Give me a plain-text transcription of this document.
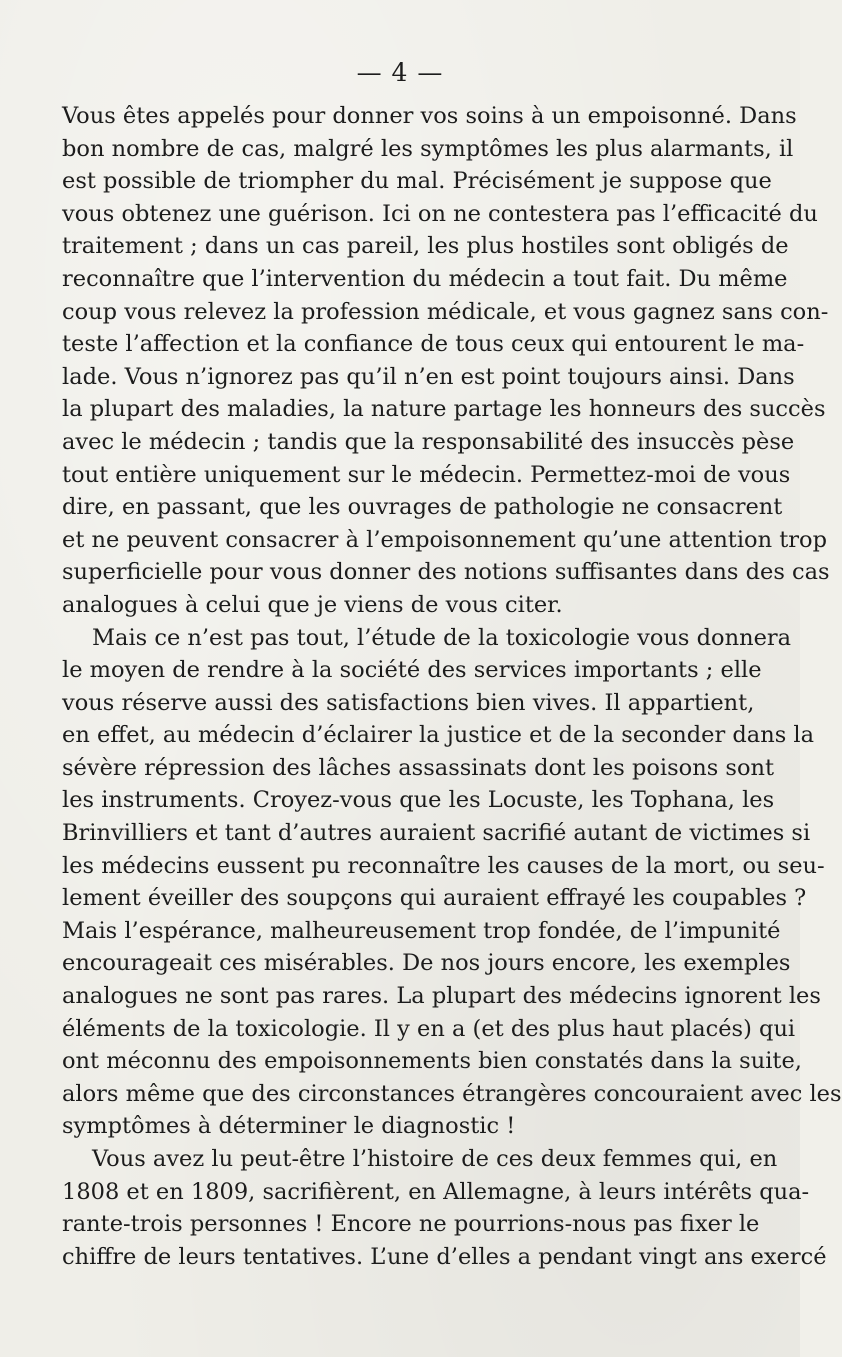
— 4 —
Vous êtes appelés pour donner vos soins à un empoisonné. Dans
bon nombre de cas, malgré les symptômes les plus alarmants, il
est possible de triompher du mal. Précisément je suppose que
vous obtenez une guérison. Ici on ne contestera pas l’efficacité du
traitement ; dans un cas pareil, les plus hostiles sont obligés de
reconnaître que l’intervention du médecin a tout fait. Du même
coup vous relevez la profession médicale, et vous gagnez sans con-
teste l’affection et la confiance de tous ceux qui entourent le ma-
lade. Vous n’ignorez pas qu’il n’en est point toujours ainsi. Dans
la plupart des maladies, la nature partage les honneurs des succès
avec le médecin ; tandis que la responsabilité des insuccès pèse
tout entière uniquement sur le médecin. Permettez-moi de vous
dire, en passant, que les ouvrages de pathologie ne consacrent
et ne peuvent consacrer à l’empoisonnement qu’une attention trop
superficielle pour vous donner des notions suffisantes dans des cas
analogues à celui que je viens de vous citer.
Mais ce n’est pas tout, l’étude de la toxicologie vous donnera
le moyen de rendre à la société des services importants ; elle
vous réserve aussi des satisfactions bien vives. Il appartient,
en effet, au médecin d’éclairer la justice et de la seconder dans la
sévère répression des lâches assassinats dont les poisons sont
les instruments. Croyez-vous que les Locuste, les Tophana, les
Brinvilliers et tant d’autres auraient sacrifié autant de victimes si
les médecins eussent pu reconnaître les causes de la mort, ou seu-
lement éveiller des soupçons qui auraient effrayé les coupables ?
Mais l’espérance, malheureusement trop fondée, de l’impunité
encourageait ces misérables. De nos jours encore, les exemples
analogues ne sont pas rares. La plupart des médecins ignorent les
éléments de la toxicologie. Il y en a (et des plus haut placés) qui
ont méconnu des empoisonnements bien constatés dans la suite,
alors même que des circonstances étrangères concouraient avec les
symptômes à déterminer le diagnostic !
Vous avez lu peut-être l’histoire de ces deux femmes qui, en
1808 et en 1809, sacrifièrent, en Allemagne, à leurs intérêts qua-
rante-trois personnes ! Encore ne pourrions-nous pas fixer le
chiffre de leurs tentatives. L’une d’elles a pendant vingt ans exercé
